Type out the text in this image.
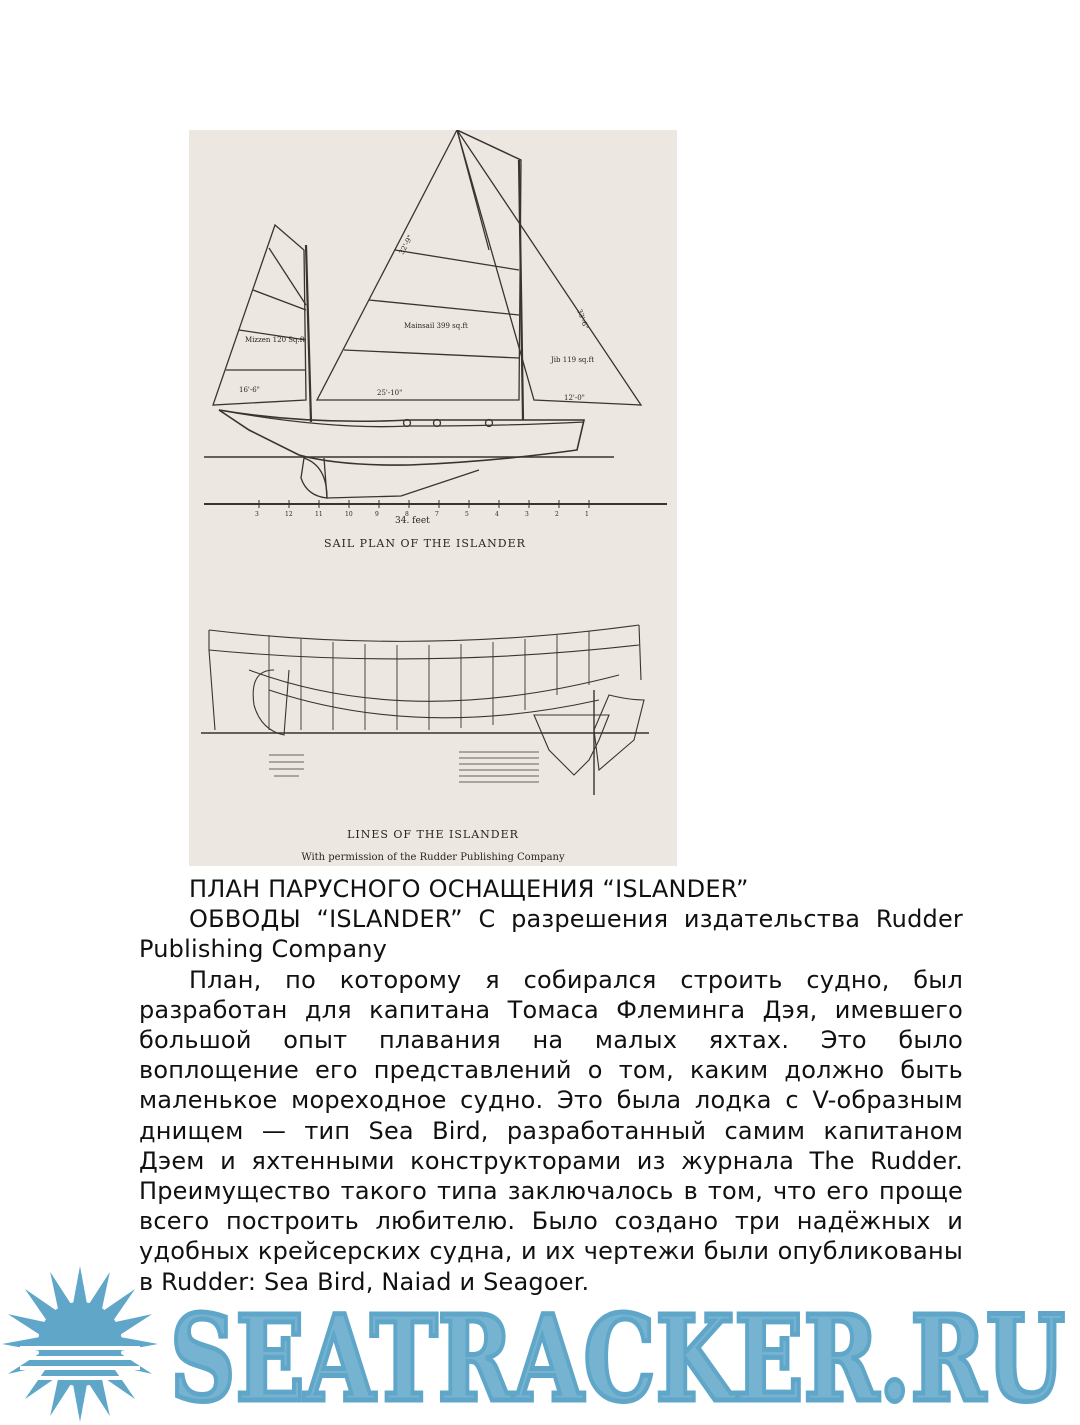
Mizzen 120 Sq.ft
Mainsail 399 sq.ft
Jib 119 sq.ft
25'-10"
12'-0"
16'-6"
32'-9"
33'-6"
3	12	11	10	9	8	7	5	4	3	2	1
34. feet
SAIL PLAN OF THE ISLANDER
LINES OF THE ISLANDER
With permission of the Rudder Publishing Company

ПЛАН ПАРУСНОГО ОСНАЩЕНИЯ “ISLANDER”

ОБВОДЫ “ISLANDER” С разрешения издательства Rudder Publishing Company

План, по которому я собирался строить судно, был разработан для капитана Томаса Флеминга Дэя, имевшего большой опыт плавания на малых яхтах. Это было воплощение его представлений о том, каким должно быть маленькое мореходное судно. Это была лодка с V-образным днищем — тип Sea Bird, разработанный самим капитаном Дэем и яхтенными конструкторами из журнала The Rudder. Преимущество такого типа заключалось в том, что его проще всего построить любителю. Было создано три надёжных и удобных крейсерских судна, и их чертежи были опубликованы в Rudder: Sea Bird, Naiad и Seagoer.

SEATRACKER.RU
SEATRACKER.RU
